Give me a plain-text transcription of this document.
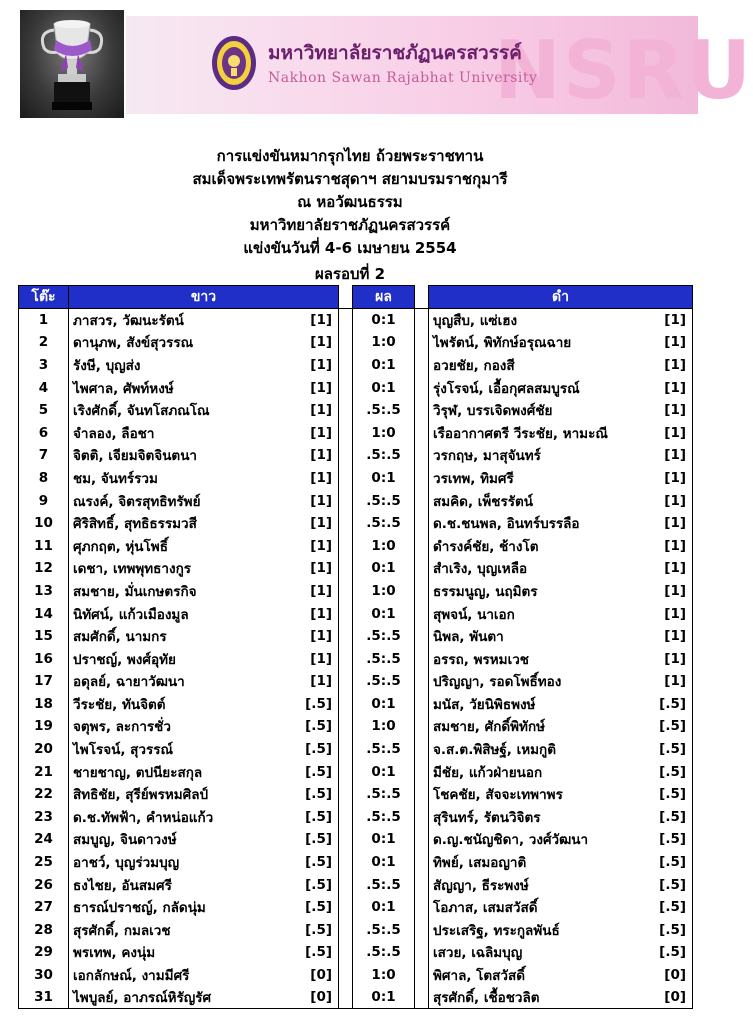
NSRU
มหาวิทยาลัยราชภัฏนครสวรรค์
Nakhon Sawan Rajabhat University
การแข่งขันหมากรุกไทย ถ้วยพระราชทาน
สมเด็จพระเทพรัตนราชสุดาฯ สยามบรมราชกุมารี
ณ หอวัฒนธรรม
มหาวิทยาลัยราชภัฏนครสวรรค์
แข่งขันวันที่ 4-6 เมษายน 2554
ผลรอบที่ 2
โต๊ะ	ขาว			ผล		ดำ	
1	ภาสวร, วัฒนะรัตน์	[1]		0:1		บุญสืบ, แซ่เฮง	[1]
2	ดานุภพ, สังข์สุวรรณ	[1]		1:0		ไพรัตน์, พิทักษ์อรุณฉาย	[1]
3	รังษี, บุญส่ง	[1]		0:1		อวยชัย, กองสี	[1]
4	ไพศาล, ศัพท์หงษ์	[1]		0:1		รุ่งโรจน์, เอื้อกุศลสมบูรณ์	[1]
5	เริงศักดิ์, จันทโสภณโณ	[1]		.5:.5		วิรุฬ, บรรเจิดพงศ์ชัย	[1]
6	จำลอง, ลือชา	[1]		1:0		เรืออากาศตรี วีระชัย, หามะณี	[1]
7	จิตติ, เจียมจิตจินตนา	[1]		.5:.5		วรกฤษ, มาสุจันทร์	[1]
8	ชม, จันทร์รวม	[1]		0:1		วรเทพ, ทิมศรี	[1]
9	ณรงค์, จิตรสุทธิทรัพย์	[1]		.5:.5		สมคิด, เพ็ชรรัตน์	[1]
10	ศิริสิทธิ์, สุทธิธรรมวสี	[1]		.5:.5		ด.ช.ชนพล, อินทร์บรรลือ	[1]
11	ศุภกฤต, หุ่นโพธิ์	[1]		1:0		ดำรงค์ชัย, ช้างโต	[1]
12	เดชา, เทพพุทธางกูร	[1]		0:1		สำเริง, บุญเหลือ	[1]
13	สมชาย, มั่นเกษตรกิจ	[1]		1:0		ธรรมนูญ, นฤมิตร	[1]
14	นิทัศน์, แก้วเมืองมูล	[1]		0:1		สุพจน์, นาเอก	[1]
15	สมศักดิ์, นามกร	[1]		.5:.5		นิพล, พันตา	[1]
16	ปราชญ์, พงศ์อุทัย	[1]		.5:.5		อรรถ, พรหมเวช	[1]
17	อดุลย์, ฉายาวัฒนา	[1]		.5:.5		ปริญญา, รอดโพธิ์ทอง	[1]
18	วีระชัย, ทันจิตต์	[.5]		0:1		มนัส, วัยนิพิธพงษ์	[.5]
19	จตุพร, ละการชั่ว	[.5]		1:0		สมชาย, ศักดิ์พิทักษ์	[.5]
20	ไพโรจน์, สุวรรณ์	[.5]		.5:.5		จ.ส.ต.พิสิษฐ์, เหมกูติ	[.5]
21	ชายชาญ, ตปนียะสกุล	[.5]		0:1		มีชัย, แก้วฝ่ายนอก	[.5]
22	สิทธิชัย, สุรีย์พรหมศิลป์	[.5]		.5:.5		โชคชัย, สัจจะเทพาพร	[.5]
23	ด.ช.ทัพฟ้า, คำหน่อแก้ว	[.5]		.5:.5		สุรินทร์, รัตนวิจิตร	[.5]
24	สมบูญ, จินดาวงษ์	[.5]		0:1		ด.ญ.ชนัญชิดา, วงศ์วัฒนา	[.5]
25	อาชว์, บุญร่วมบุญ	[.5]		0:1		ทิพย์, เสมอญาติ	[.5]
26	ธงไชย, อันสมศรี	[.5]		.5:.5		สัญญา, ธีระพงษ์	[.5]
27	ธารณ์ปราชญ์, กลัดนุ่ม	[.5]		0:1		โอภาส, เสมสวัสดิ์	[.5]
28	สุรศักดิ์, กมลเวช	[.5]		.5:.5		ประเสริฐ, ทระกูลพันธ์	[.5]
29	พรเทพ, คงนุ่ม	[.5]		.5:.5		เสวย, เฉลิมบุญ	[.5]
30	เอกลักษณ์, งามมีศรี	[0]		1:0		พิศาล, โตสวัสดิ์	[0]
31	ไพบูลย์, อาภรณ์หิรัญรัศ	[0]		0:1		สุรศักดิ์, เชื้อชวลิต	[0]
